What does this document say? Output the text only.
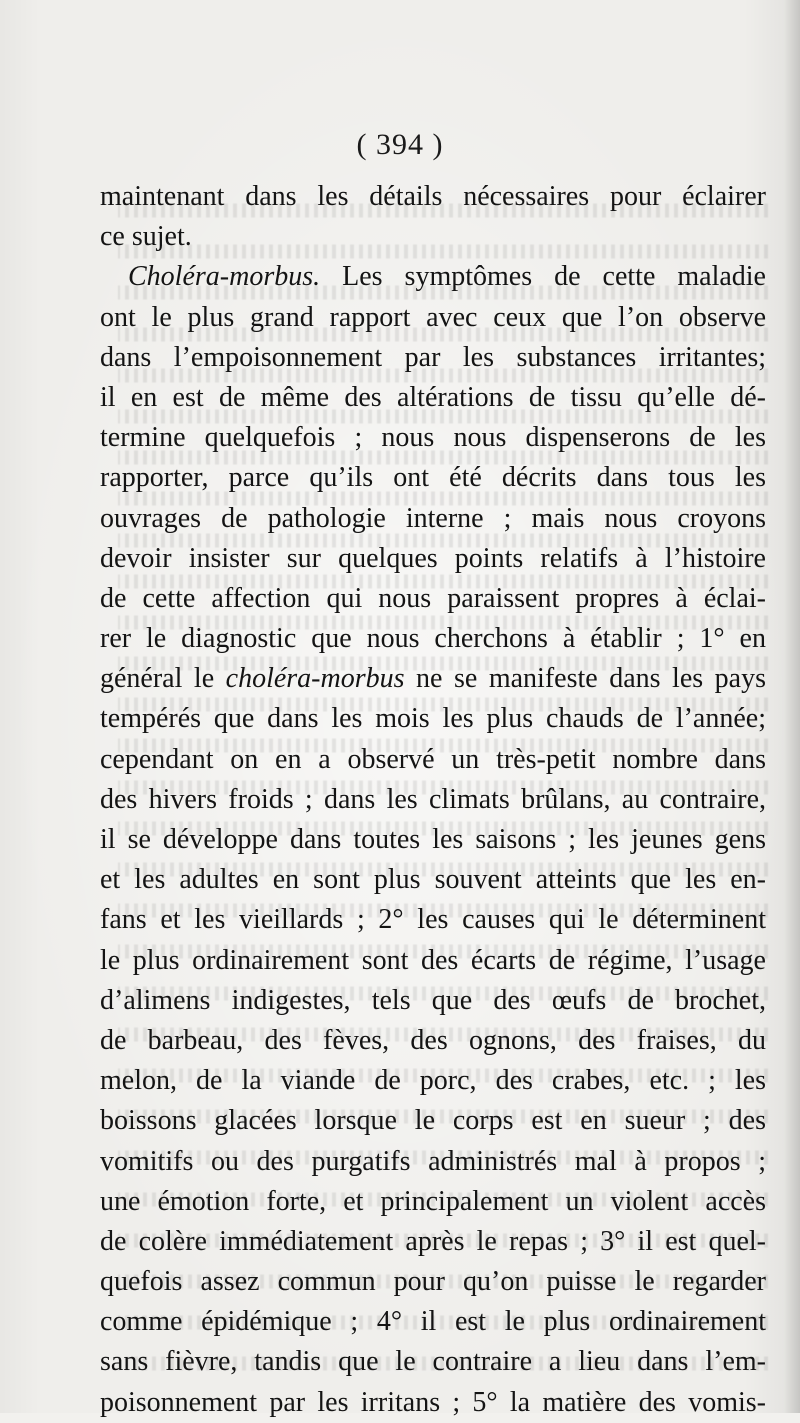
( 394 )
maintenant dans les détails nécessaires pour éclairer
ce sujet.
Choléra-morbus. Les symptômes de cette maladie
ont le plus grand rapport avec ceux que l’on observe
dans l’empoisonnement par les substances irritantes;
il en est de même des altérations de tissu qu’elle dé-
termine quelquefois ; nous nous dispenserons de les
rapporter, parce qu’ils ont été décrits dans tous les
ouvrages de pathologie interne ; mais nous croyons
devoir insister sur quelques points relatifs à l’histoire
de cette affection qui nous paraissent propres à éclai-
rer le diagnostic que nous cherchons à établir ; 1° en
général le choléra-morbus ne se manifeste dans les pays
tempérés que dans les mois les plus chauds de l’année;
cependant on en a observé un très-petit nombre dans
des hivers froids ; dans les climats brûlans, au contraire,
il se développe dans toutes les saisons ; les jeunes gens
et les adultes en sont plus souvent atteints que les en-
fans et les vieillards ; 2° les causes qui le déterminent
le plus ordinairement sont des écarts de régime, l’usage
d’alimens indigestes, tels que des œufs de brochet,
de barbeau, des fèves, des ognons, des fraises, du
melon, de la viande de porc, des crabes, etc. ; les
boissons glacées lorsque le corps est en sueur ; des
vomitifs ou des purgatifs administrés mal à propos ;
une émotion forte, et principalement un violent accès
de colère immédiatement après le repas ; 3° il est quel-
quefois assez commun pour qu’on puisse le regarder
comme épidémique ; 4° il est le plus ordinairement
sans fièvre, tandis que le contraire a lieu dans l’em-
poisonnement par les irritans ; 5° la matière des vomis-
